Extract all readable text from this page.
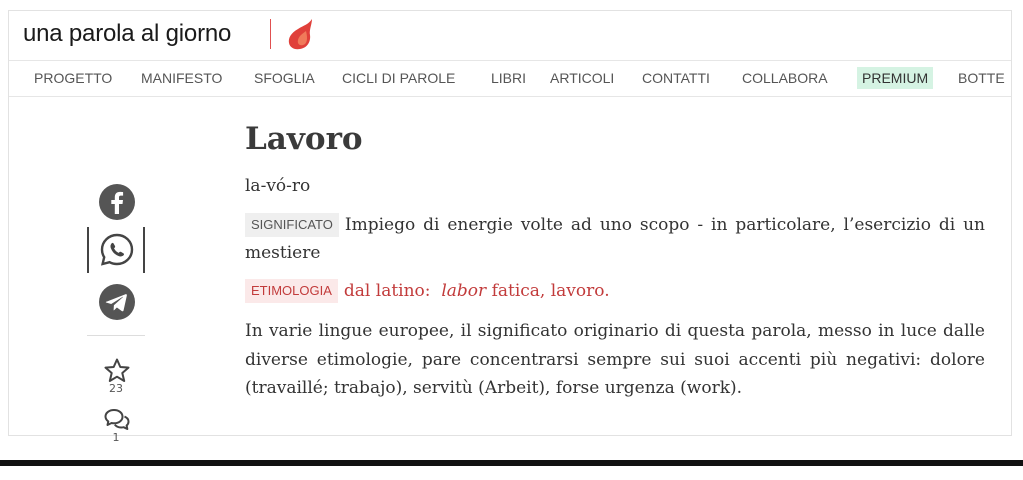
una parola al giorno
PROGETTO	MANIFESTO	SFOGLIA	CICLI DI PAROLE	LIBRI	ARTICOLI	CONTATTI	COLLABORA	PREMIUM	BOTTE
23
1
Lavoro
la-vó-ro
SIGNIFICATO Impiego di energie volte ad uno scopo - in particolare, l’esercizio di un mestiere
ETIMOLOGIA dal latino: labor fatica, lavoro.
In varie lingue europee, il significato originario di questa parola, messo in luce dalle diverse etimologie, pare concentrarsi sempre sui suoi accenti più negativi: dolore (travaillé; trabajo), servitù (Arbeit), forse urgenza (work).
